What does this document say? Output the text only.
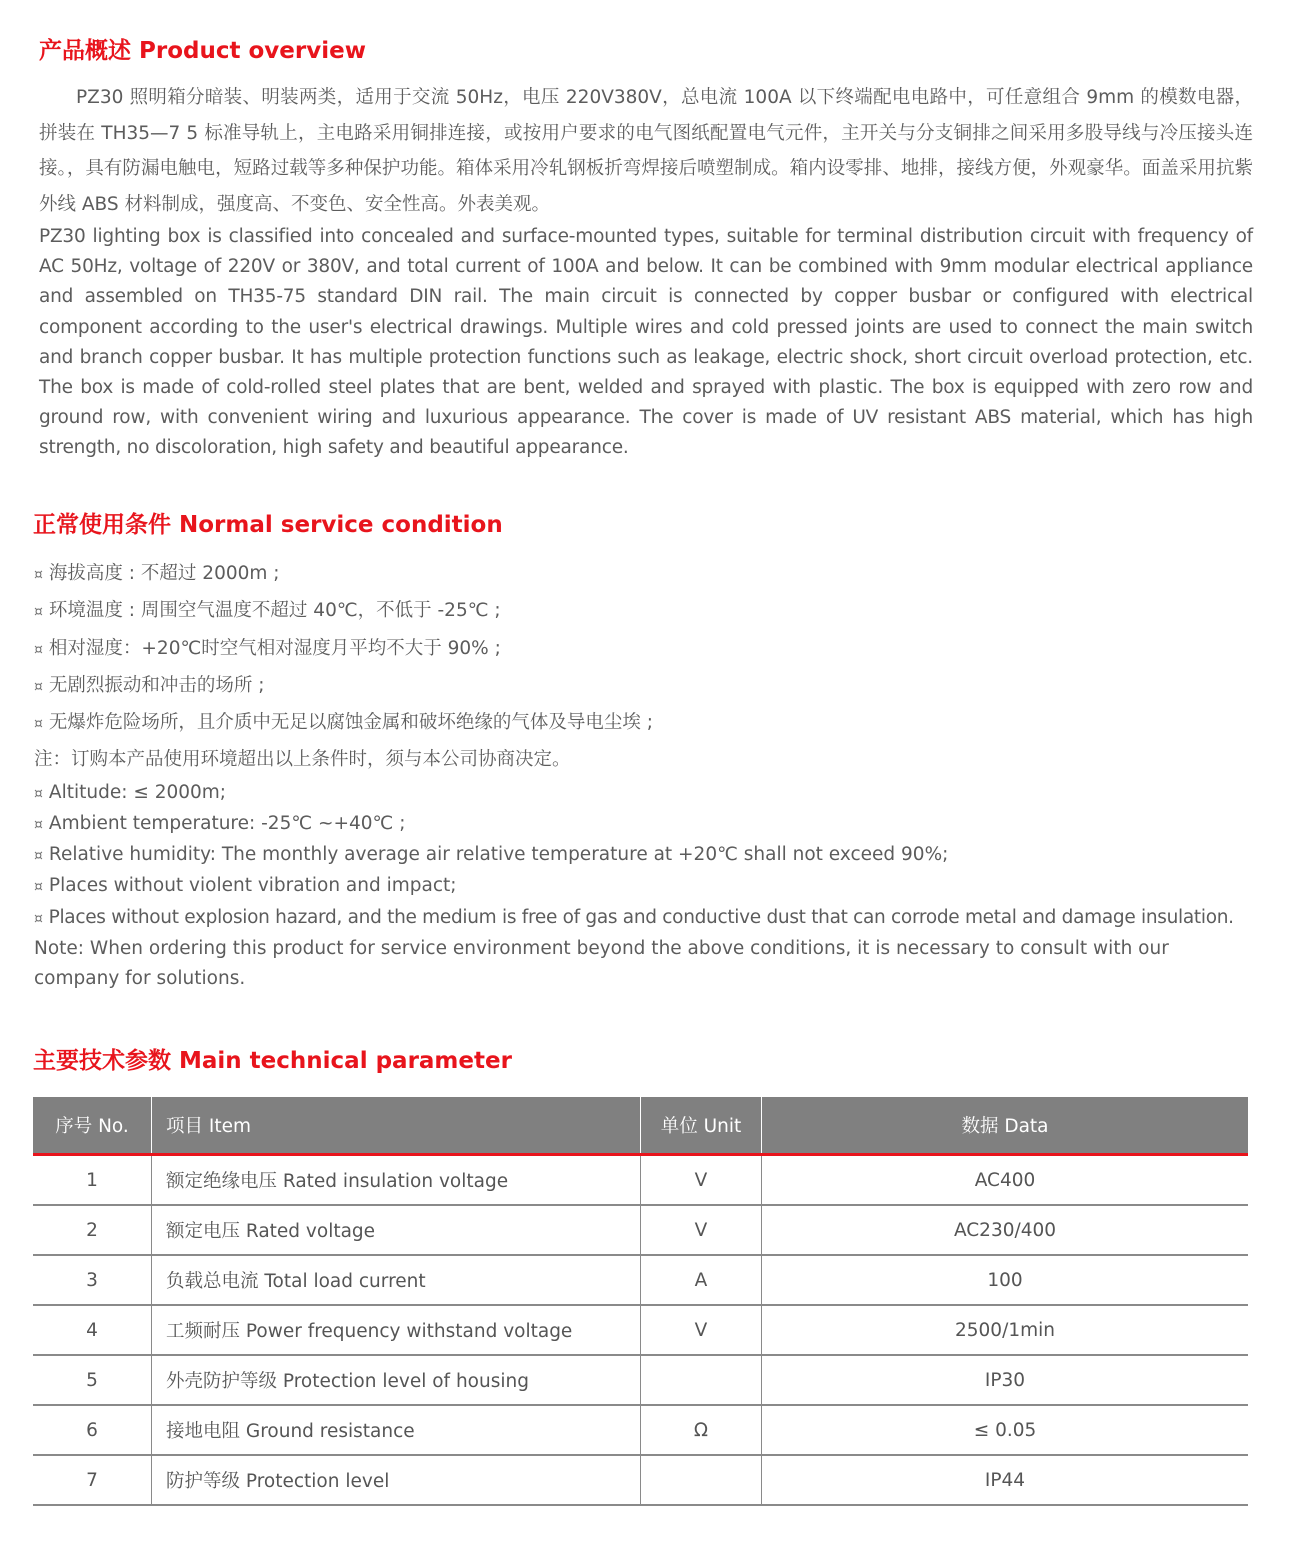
产品概述 Product overview

PZ30 照明箱分暗装、明装两类，适用于交流 50Hz，电压 220V380V，总电流 100A 以下终端配电电路中，可任意组合 9mm 的模数电器，拼装在 TH35—7 5 标准导轨上，主电路采用铜排连接，或按用户要求的电气图纸配置电气元件，主开关与分支铜排之间采用多股导线与冷压接头连接。，具有防漏电触电，短路过载等多种保护功能。箱体采用冷轧钢板折弯焊接后喷塑制成。箱内设零排、地排，接线方便，外观豪华。面盖采用抗紫外线 ABS 材料制成，强度高、不变色、安全性高。外表美观。

PZ30 lighting box is classified into concealed and surface-mounted types, suitable for terminal distribution circuit with frequency of AC 50Hz, voltage of 220V or 380V, and total current of 100A and below. It can be combined with 9mm modular electrical appliance and assembled on TH35-75 standard DIN rail. The main circuit is connected by copper busbar or configured with electrical component according to the user's electrical drawings. Multiple wires and cold pressed joints are used to connect the main switch and branch copper busbar. It has multiple protection functions such as leakage, electric shock, short circuit overload protection, etc. The box is made of cold-rolled steel plates that are bent, welded and sprayed with plastic. The box is equipped with zero row and ground row, with convenient wiring and luxurious appearance. The cover is made of UV resistant ABS material, which has high strength, no discoloration, high safety and beautiful appearance.

正常使用条件 Normal service condition
¤ 海拔高度 : 不超过 2000m ;
¤ 环境温度 : 周围空气温度不超过 40℃，不低于 -25℃ ;
¤ 相对湿度：+20℃时空气相对湿度月平均不大于 90% ;
¤ 无剧烈振动和冲击的场所 ;
¤ 无爆炸危险场所，且介质中无足以腐蚀金属和破坏绝缘的气体及导电尘埃 ;
注：订购本产品使用环境超出以上条件时，须与本公司协商决定。
¤ Altitude: ≤ 2000m;
¤ Ambient temperature: -25℃ ~+40℃ ;
¤ Relative humidity: The monthly average air relative temperature at +20℃ shall not exceed 90%;
¤ Places without violent vibration and impact;
¤ Places without explosion hazard, and the medium is free of gas and conductive dust that can corrode metal and damage insulation.
Note: When ordering this product for service environment beyond the above conditions, it is necessary to consult with our company for solutions.
主要技术参数 Main technical parameter
序号 No.	项目 Item	单位 Unit	数据 Data
1	额定绝缘电压 Rated insulation voltage	V	AC400
2	额定电压 Rated voltage	V	AC230/400
3	负载总电流 Total load current	A	100
4	工频耐压 Power frequency withstand voltage	V	2500/1min
5	外壳防护等级 Protection level of housing		IP30
6	接地电阻 Ground resistance	Ω	≤ 0.05
7	防护等级 Protection level		IP44
